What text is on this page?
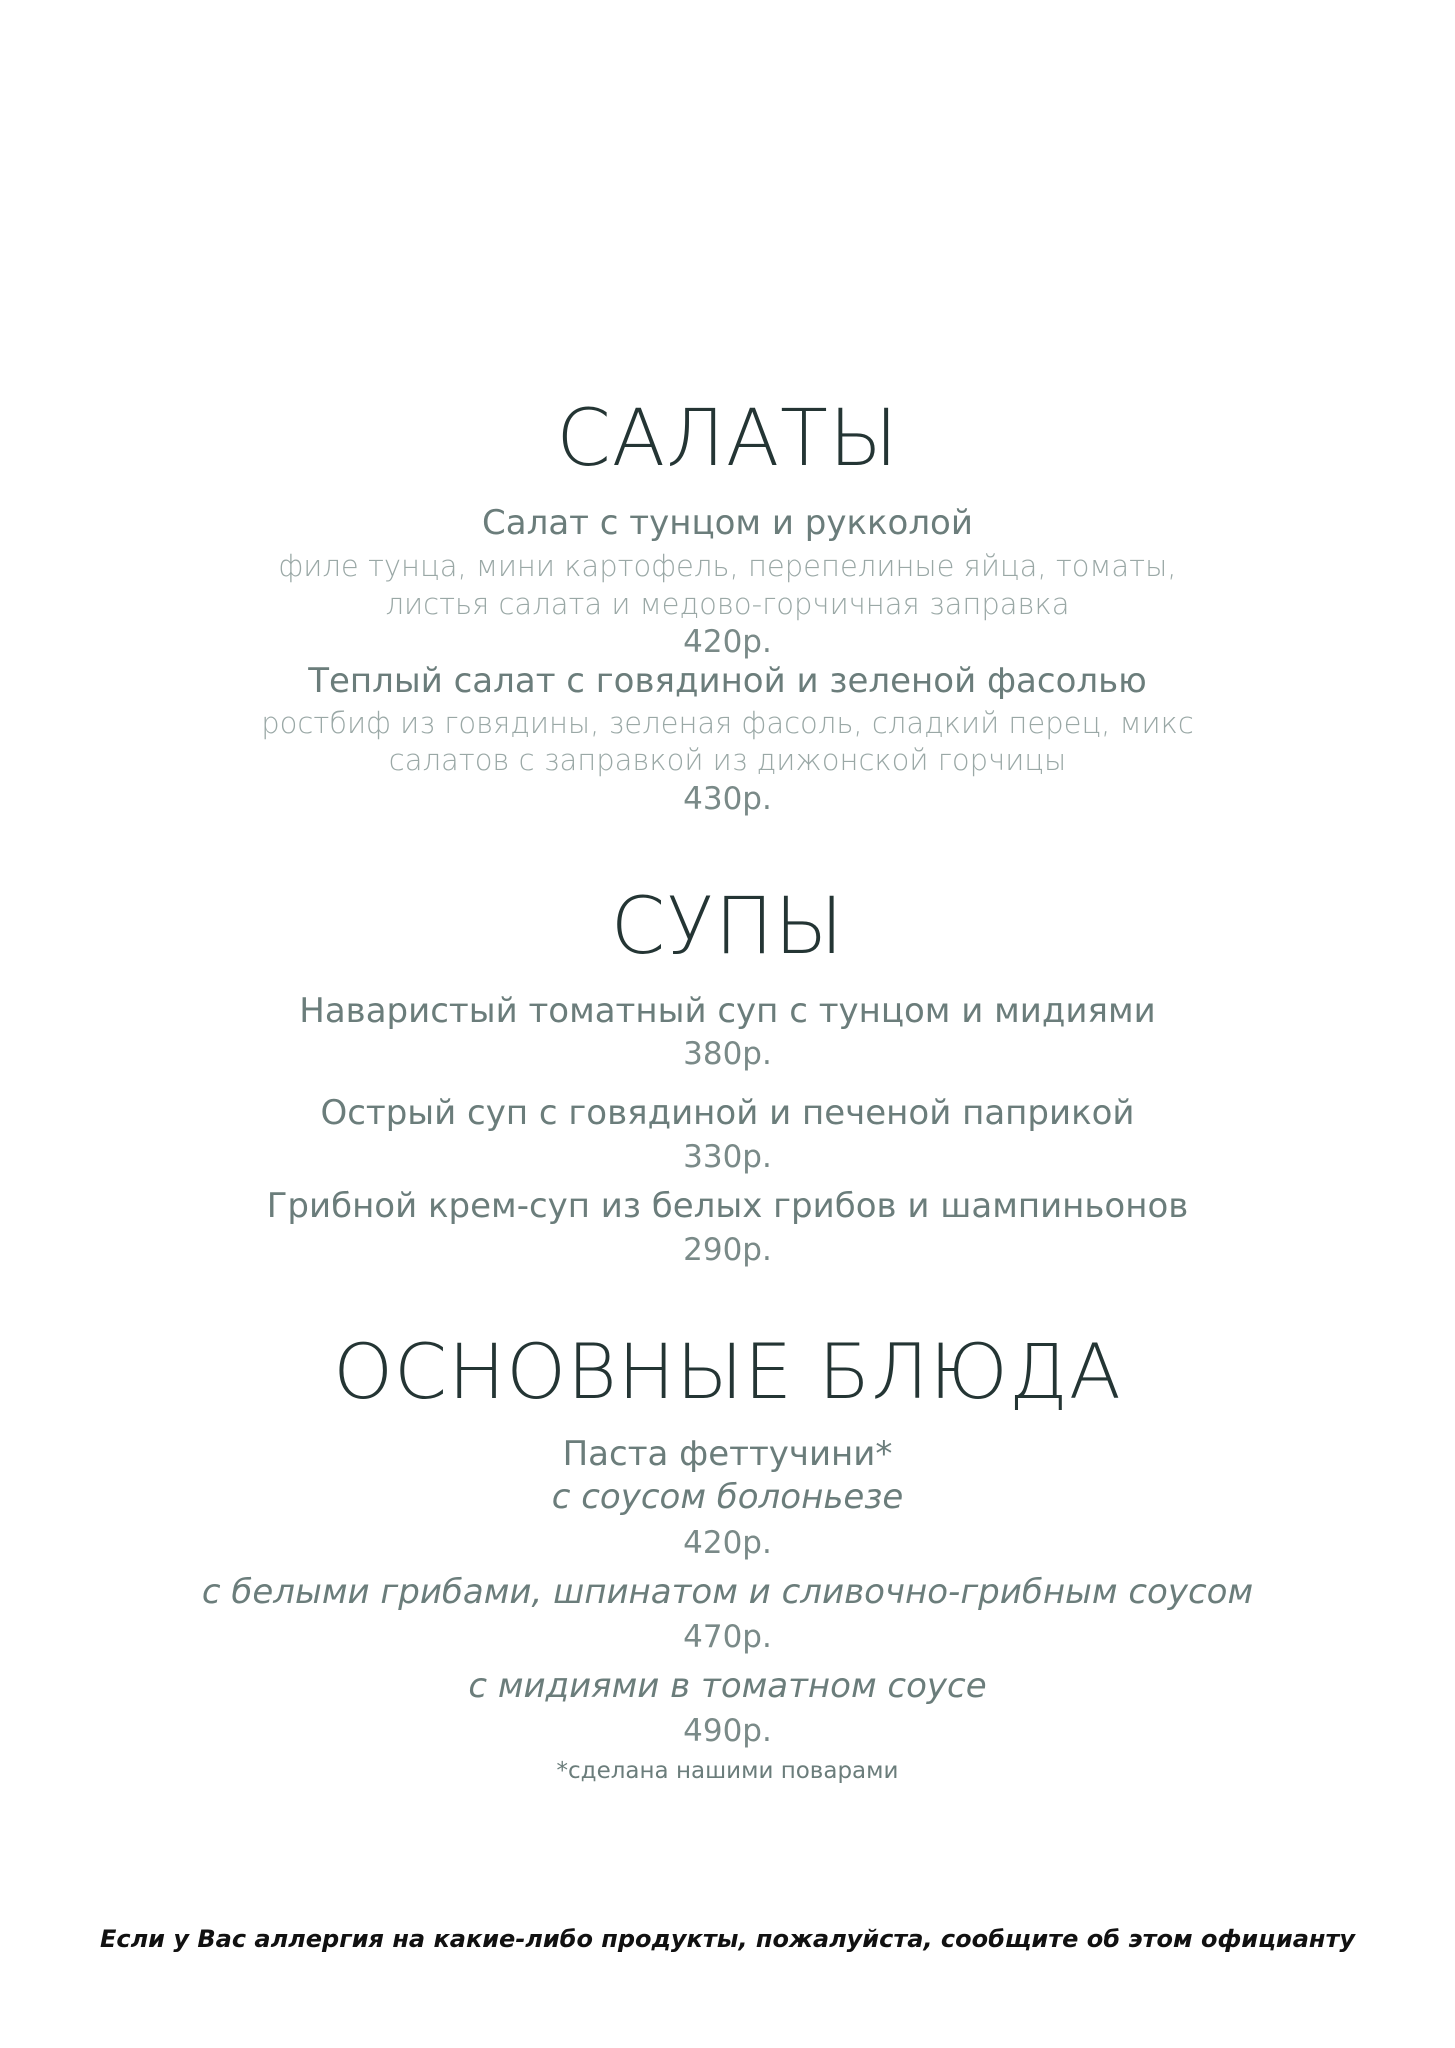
САЛАТЫ

Салат с тунцом и рукколой

филе тунца, мини картофель, перепелиные яйца, томаты,

листья салата и медово-горчичная заправка

420р.

Теплый салат с говядиной и зеленой фасолью

ростбиф из говядины, зеленая фасоль, сладкий перец, микс

салатов с заправкой из дижонской горчицы

430р.

СУПЫ

Наваристый томатный суп с тунцом и мидиями

380р.

Острый суп с говядиной и печеной паприкой

330р.

Грибной крем-суп из белых грибов и шампиньонов

290р.

ОСНОВНЫЕ БЛЮДА

Паста феттучини*

с соусом болоньезе

420р.

с белыми грибами, шпинатом и сливочно-грибным соусом

470р.

с мидиями в томатном соусе

490р.

*сделана нашими поварами

Если у Вас аллергия на какие-либо продукты, пожалуйста, сообщите об этом официанту
